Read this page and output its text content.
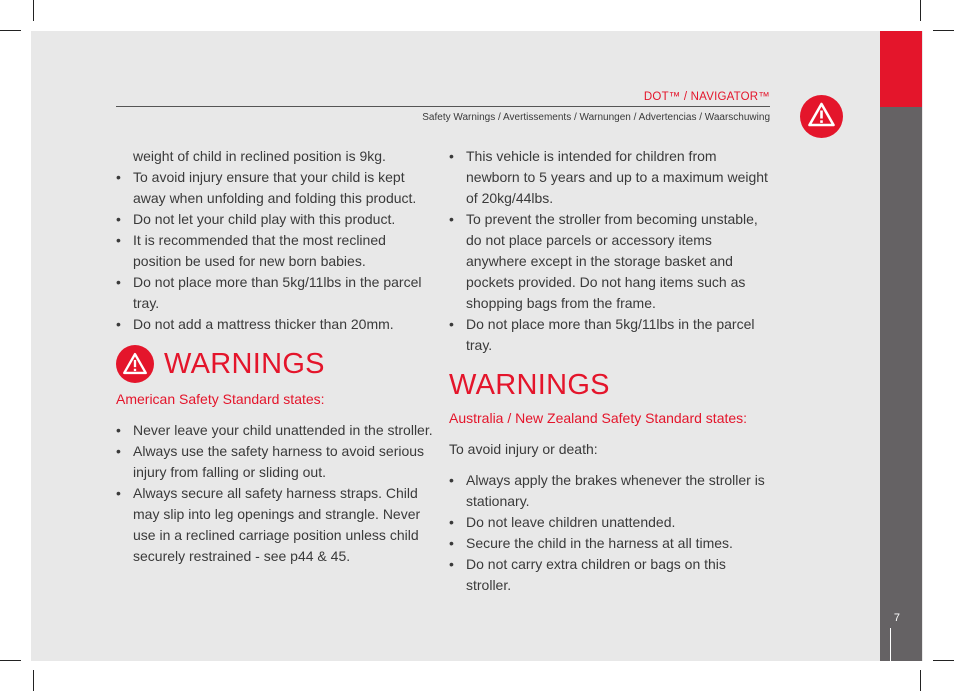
7
DOT™ / NAVIGATOR™
Safety Warnings / Avertissements / Warnungen / Advertencias / Waarschuwing
weight of child in reclined position is 9kg.
• To avoid injury ensure that your child is kept away when unfolding and folding this product.
• Do not let your child play with this product.
• It is recommended that the most reclined position be used for new born babies.
• Do not place more than 5kg/11lbs in the parcel tray.
• Do not add a mattress thicker than 20mm.
WARNINGS
American Safety Standard states:
• Never leave your child unattended in the stroller.
• Always use the safety harness to avoid serious injury from falling or sliding out.
• Always secure all safety harness straps. Child may slip into leg openings and strangle. Never use in a reclined carriage position unless child securely restrained - see p44 & 45.
• This vehicle is intended for children from newborn to 5 years and up to a maximum weight of 20kg/44lbs.
• To prevent the stroller from becoming unstable, do not place parcels or accessory items anywhere except in the storage basket and pockets provided. Do not hang items such as shopping bags from the frame.
• Do not place more than 5kg/11lbs in the parcel tray.
WARNINGS
Australia / New Zealand Safety Standard states:
To avoid injury or death:
• Always apply the brakes whenever the stroller is stationary.
• Do not leave children unattended.
• Secure the child in the harness at all times.
• Do not carry extra children or bags on this stroller.
